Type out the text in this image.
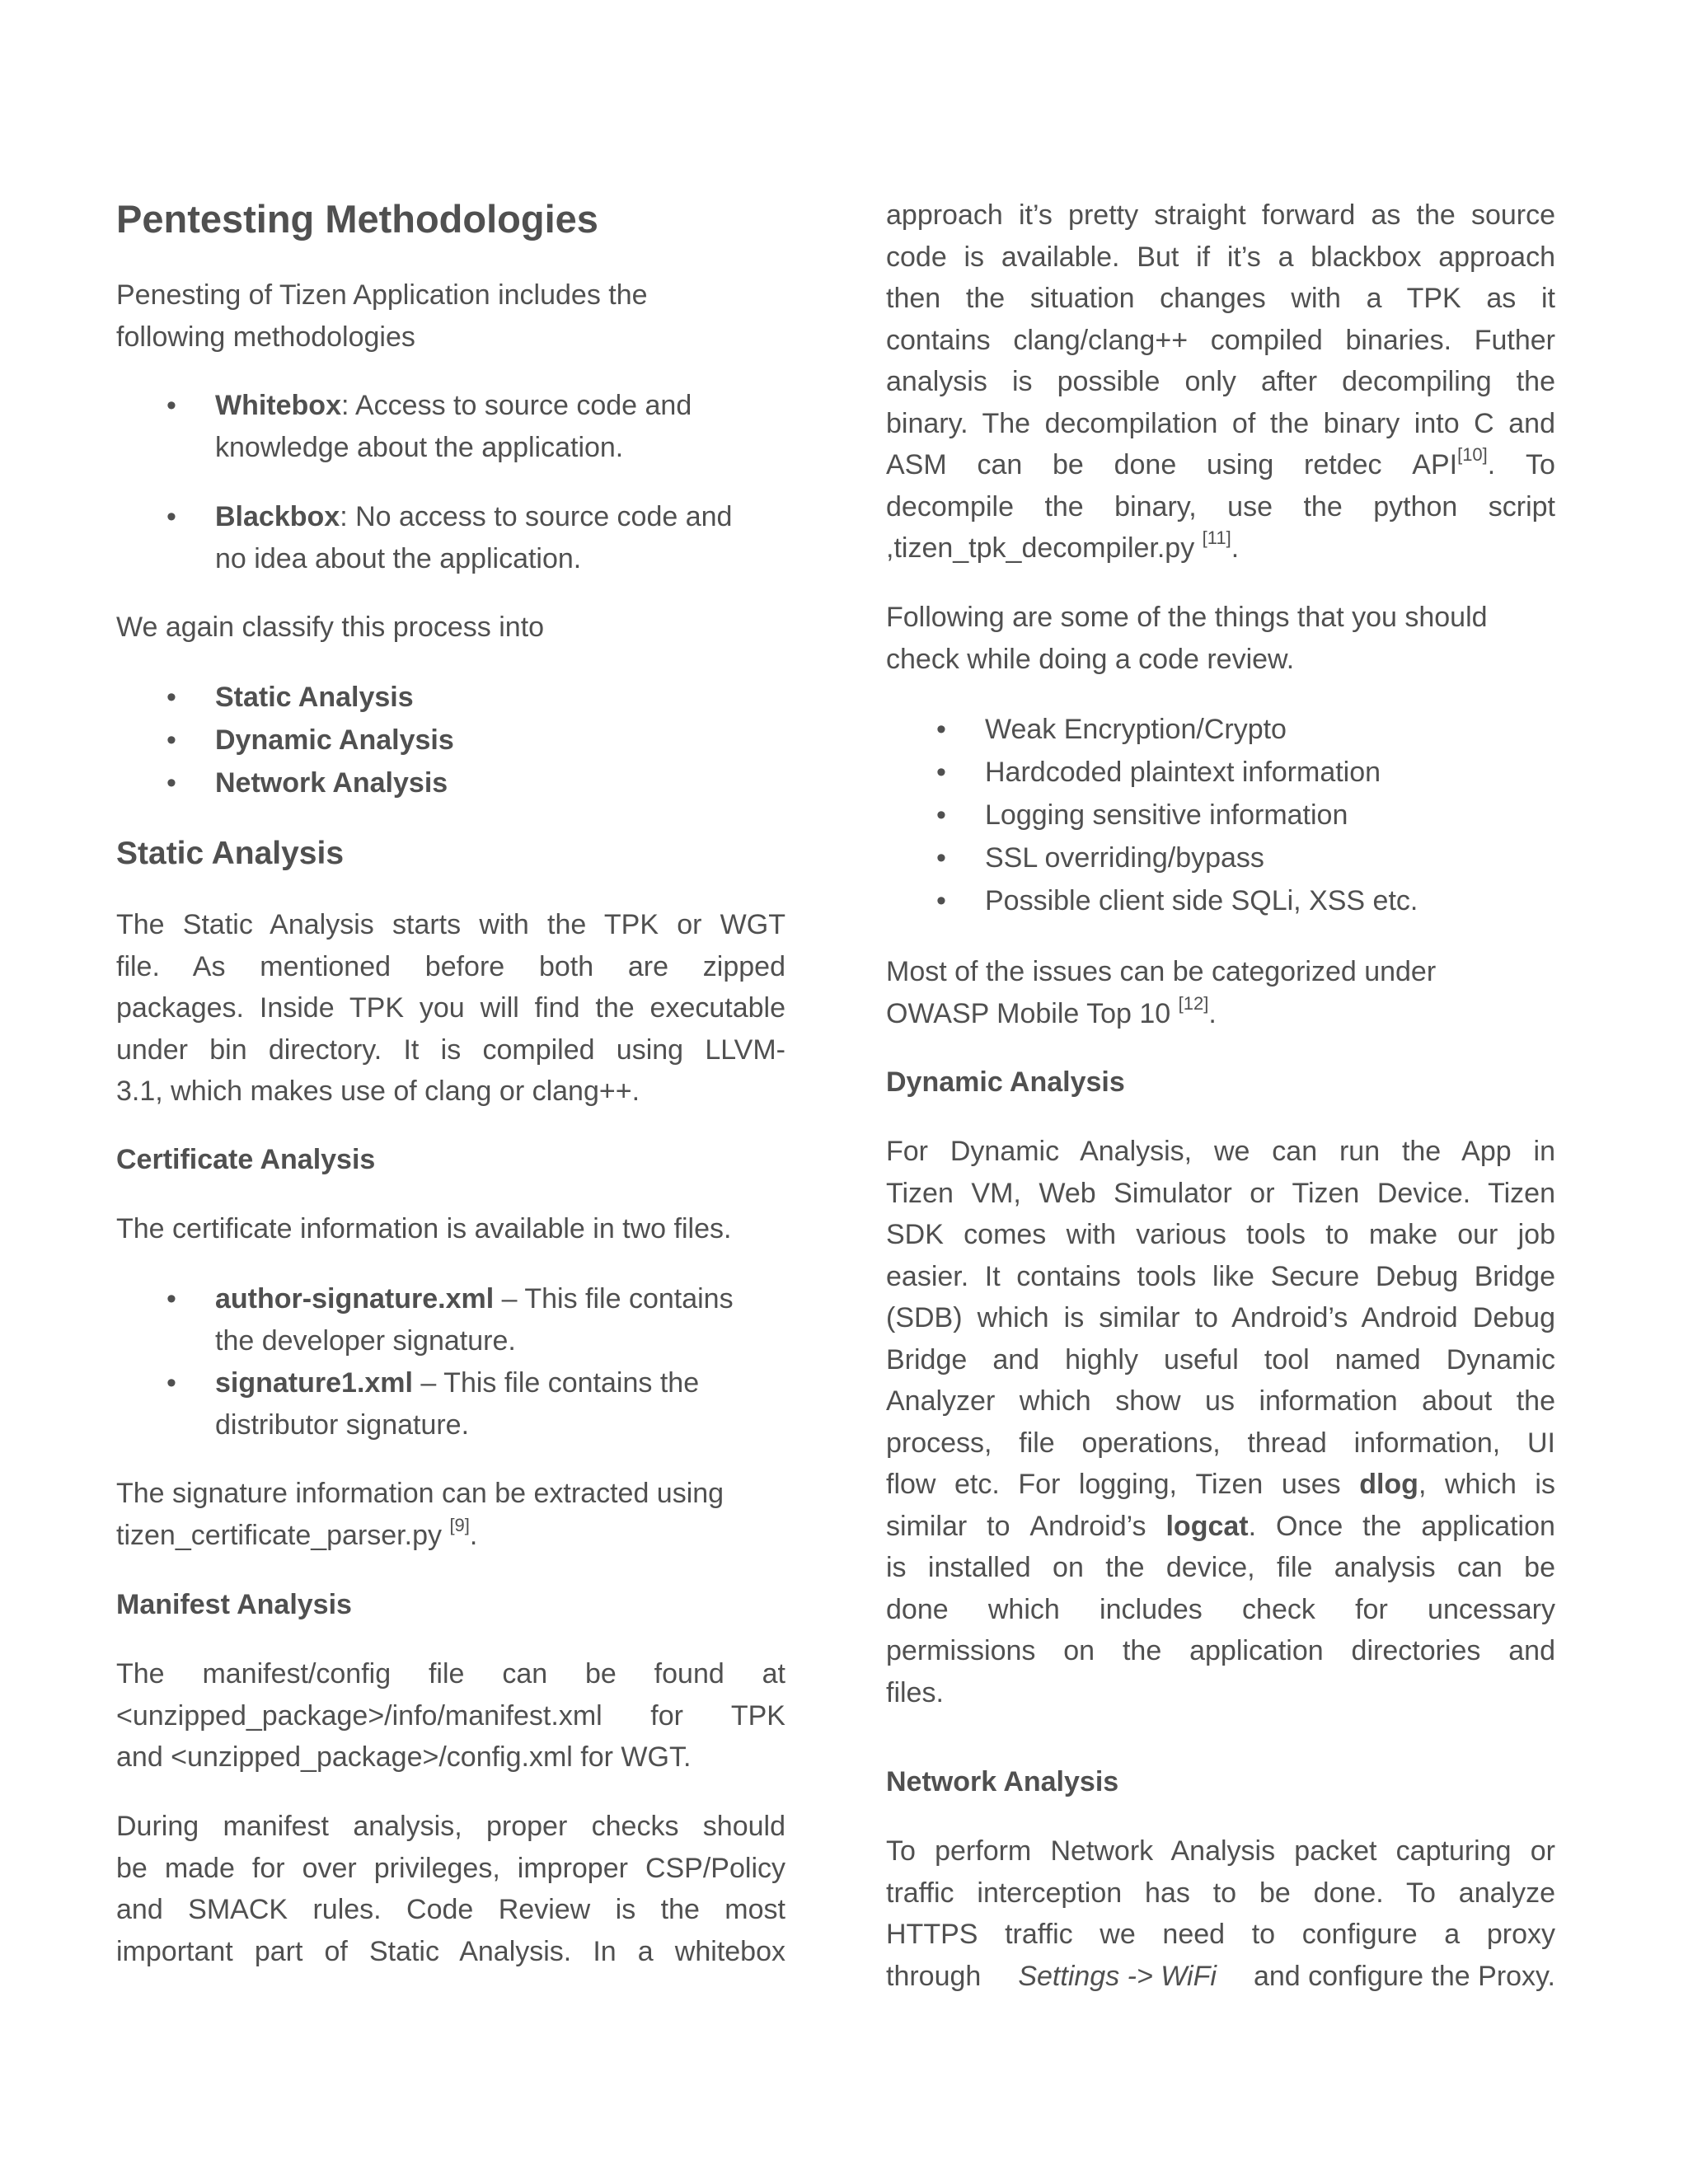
Pentesting Methodologies
Penesting of Tizen Application includes the
following methodologies
• Whitebox: Access to source code and
knowledge about the application.
• Blackbox: No access to source code and
no idea about the application.
We again classify this process into
• Static Analysis
• Dynamic Analysis
• Network Analysis
Static Analysis
The Static Analysis starts with the TPK or WGT
file. As mentioned before both are zipped
packages. Inside TPK you will find the executable
under bin directory. It is compiled using LLVM-
3.1, which makes use of clang or clang++.
Certificate Analysis
The certificate information is available in two files.
• author-signature.xml – This file contains
the developer signature.
• signature1.xml – This file contains the
distributor signature.
The signature information can be extracted using
tizen_certificate_parser.py [9].
Manifest Analysis
The manifest/config file can be found at
<unzipped_package>/info/manifest.xml for TPK
and <unzipped_package>/config.xml for WGT.
During manifest analysis, proper checks should
be made for over privileges, improper CSP/Policy
and SMACK rules. Code Review is the most
important part of Static Analysis. In a whitebox
approach it’s pretty straight forward as the source
code is available. But if it’s a blackbox approach
then the situation changes with a TPK as it
contains clang/clang++ compiled binaries. Futher
analysis is possible only after decompiling the
binary. The decompilation of the binary into C and
ASM can be done using retdec API[10]. To
decompile the binary, use the python script
,tizen_tpk_decompiler.py [11].
Following are some of the things that you should
check while doing a code review.
• Weak Encryption/Crypto
• Hardcoded plaintext information
• Logging sensitive information
• SSL overriding/bypass
• Possible client side SQLi, XSS etc.
Most of the issues can be categorized under
OWASP Mobile Top 10 [12].
Dynamic Analysis
For Dynamic Analysis, we can run the App in
Tizen VM, Web Simulator or Tizen Device. Tizen
SDK comes with various tools to make our job
easier. It contains tools like Secure Debug Bridge
(SDB) which is similar to Android’s Android Debug
Bridge and highly useful tool named Dynamic
Analyzer which show us information about the
process, file operations, thread information, UI
flow etc. For logging, Tizen uses dlog, which is
similar to Android’s logcat. Once the application
is installed on the device, file analysis can be
done which includes check for uncessary
permissions on the application directories and
files.
Network Analysis
To perform Network Analysis packet capturing or
traffic interception has to be done. To analyze
HTTPS traffic we need to configure a proxy
through Settings -> WiFi and configure the Proxy.
